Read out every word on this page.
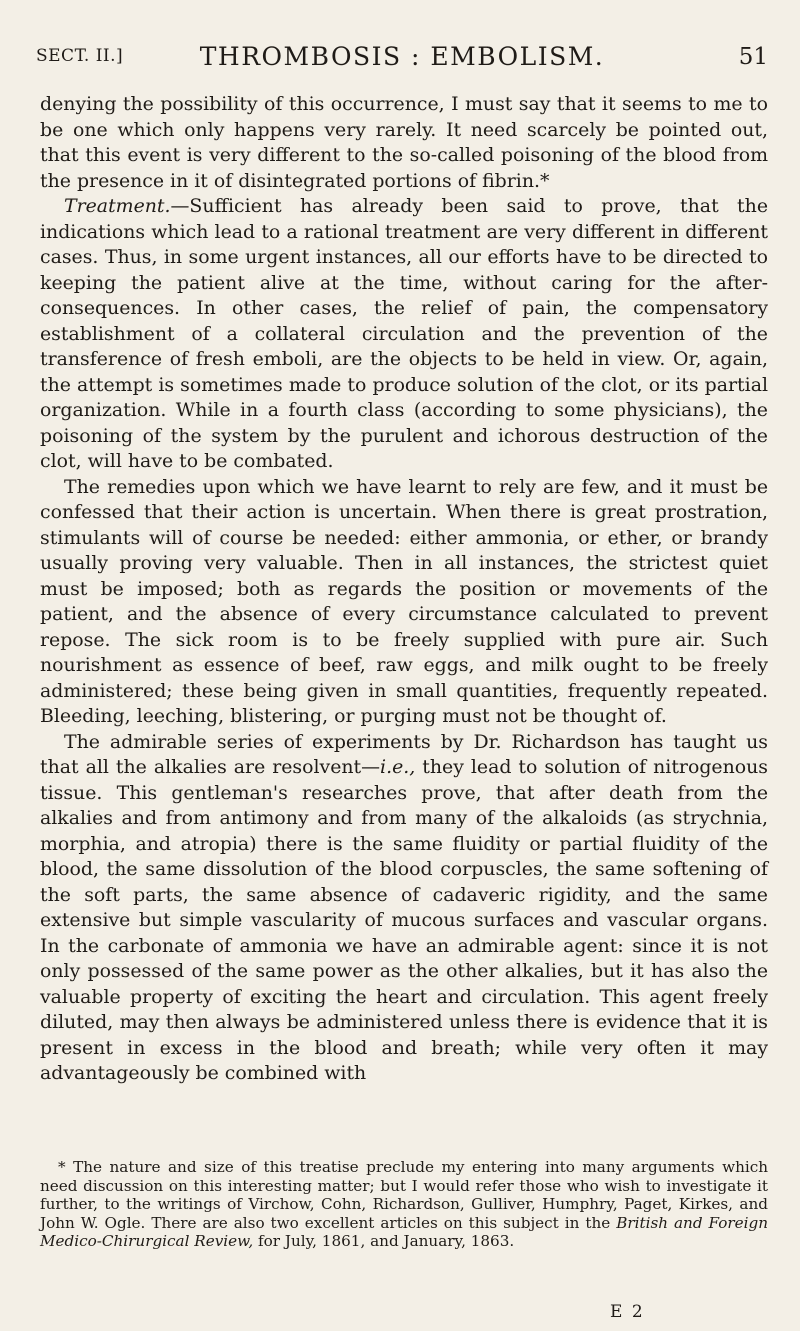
SECT. II.]	THROMBOSIS : EMBOLISM.	51

denying the possibility of this occurrence, I must say that it seems to me to be one which only happens very rarely. It need scarcely be pointed out, that this event is very different to the so-called poisoning of the blood from the presence in it of disintegrated portions of fibrin.*

Treatment.—Sufficient has already been said to prove, that the indications which lead to a rational treatment are very different in different cases. Thus, in some urgent instances, all our efforts have to be directed to keeping the patient alive at the time, without caring for the after-consequences. In other cases, the relief of pain, the compensatory establishment of a collateral circulation and the prevention of the transference of fresh emboli, are the objects to be held in view. Or, again, the attempt is sometimes made to produce solution of the clot, or its partial organization. While in a fourth class (according to some physicians), the poisoning of the system by the purulent and ichorous destruction of the clot, will have to be combated.

The remedies upon which we have learnt to rely are few, and it must be confessed that their action is uncertain. When there is great prostration, stimulants will of course be needed: either ammonia, or ether, or brandy usually proving very valuable. Then in all instances, the strictest quiet must be imposed; both as regards the position or movements of the patient, and the absence of every circumstance calculated to prevent repose. The sick room is to be freely supplied with pure air. Such nourishment as essence of beef, raw eggs, and milk ought to be freely administered; these being given in small quantities, frequently repeated. Bleeding, leeching, blistering, or purging must not be thought of.

The admirable series of experiments by Dr. Richardson has taught us that all the alkalies are resolvent—i.e., they lead to solution of nitrogenous tissue. This gentleman's researches prove, that after death from the alkalies and from antimony and from many of the alkaloids (as strychnia, morphia, and atropia) there is the same fluidity or partial fluidity of the blood, the same dissolution of the blood corpuscles, the same softening of the soft parts, the same absence of cadaveric rigidity, and the same extensive but simple vascularity of mucous surfaces and vascular organs. In the carbonate of ammonia we have an admirable agent: since it is not only possessed of the same power as the other alkalies, but it has also the valuable property of exciting the heart and circulation. This agent freely diluted, may then always be administered unless there is evidence that it is present in excess in the blood and breath; while very often it may advantageously be combined with

* The nature and size of this treatise preclude my entering into many arguments which need discussion on this interesting matter; but I would refer those who wish to investigate it further, to the writings of Virchow, Cohn, Richardson, Gulliver, Humphry, Paget, Kirkes, and John W. Ogle. There are also two excellent articles on this subject in the British and Foreign Medico-Chirurgical Review, for July, 1861, and January, 1863.

E 2
